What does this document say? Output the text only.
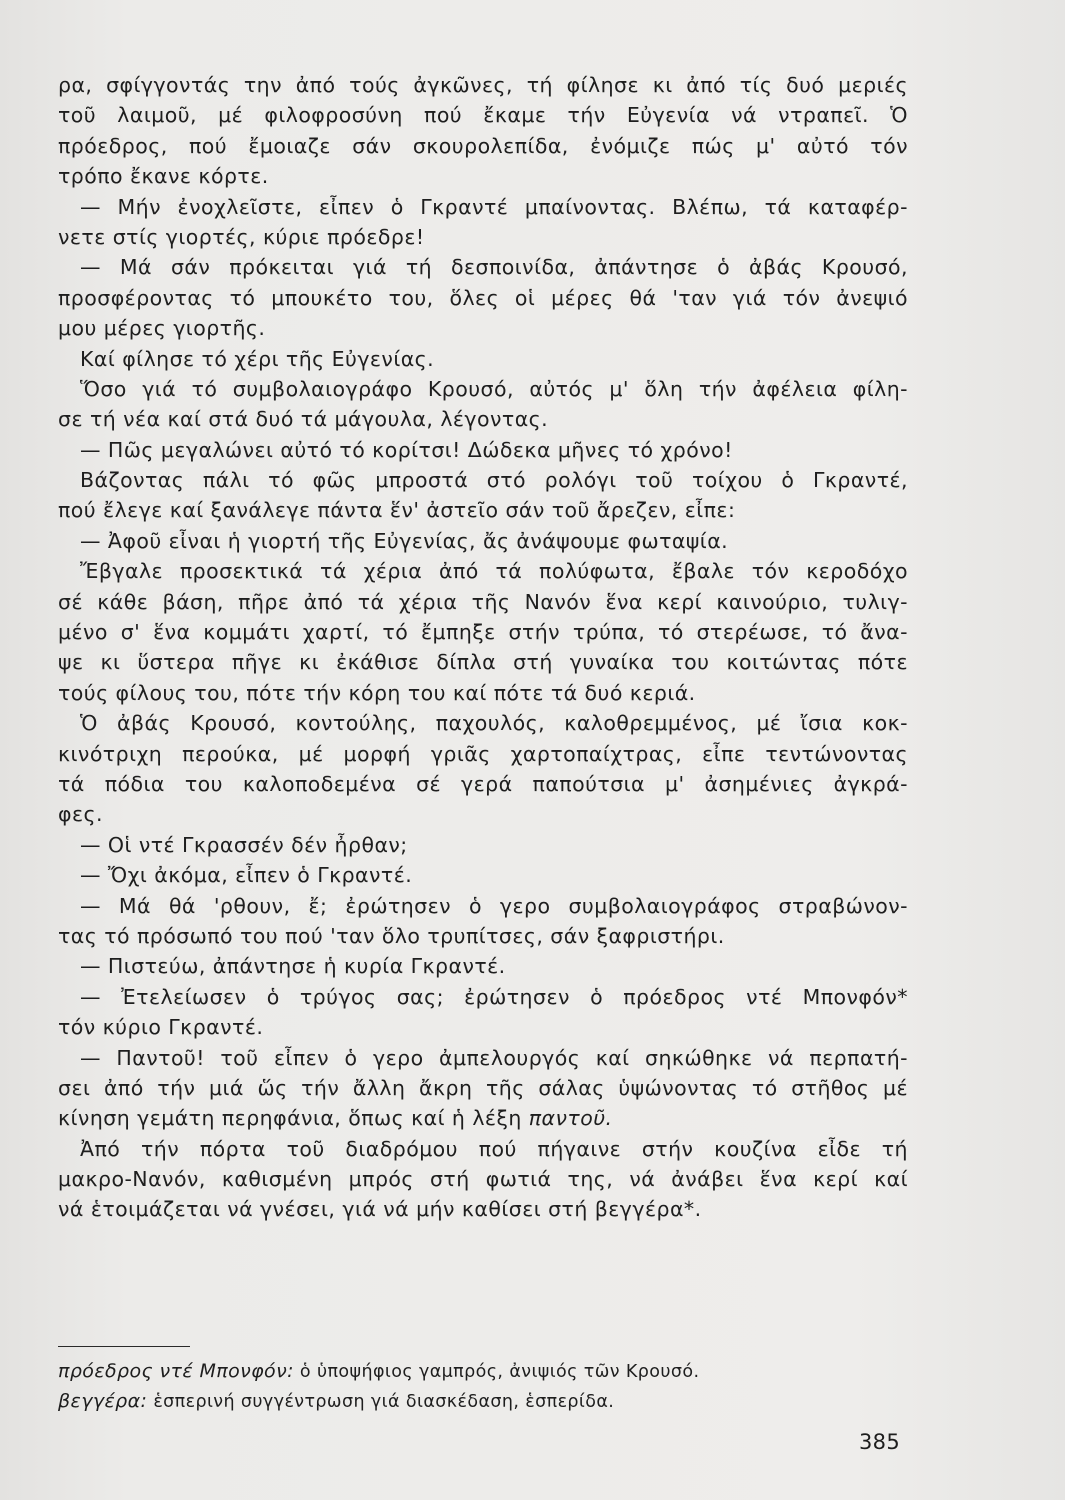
ρα, σφίγγοντάς την ἀπό τούς ἀγκῶνες, τή φίλησε κι ἀπό τίς δυό μεριές
τοῦ λαιμοῦ, μέ φιλοφροσύνη πού ἔκαμε τήν Εὐγενία νά ντραπεῖ. Ὁ
πρόεδρος, πού ἔμοιαζε σάν σκουρολεπίδα, ἐνόμιζε πώς μ' αὐτό τόν
τρόπο ἔκανε κόρτε.
— Μήν ἐνοχλεῖστε, εἶπεν ὁ Γκραντέ μπαίνοντας. Βλέπω, τά καταφέρ-
νετε στίς γιορτές, κύριε πρόεδρε!
— Μά σάν πρόκειται γιά τή δεσποινίδα, ἀπάντησε ὁ ἀβάς Κρουσό,
προσφέροντας τό μπουκέτο του, ὅλες οἱ μέρες θά 'ταν γιά τόν ἀνεψιό
μου μέρες γιορτῆς.
Καί φίλησε τό χέρι τῆς Εὐγενίας.
Ὅσο γιά τό συμβολαιογράφο Κρουσό, αὐτός μ' ὅλη τήν ἀφέλεια φίλη-
σε τή νέα καί στά δυό τά μάγουλα, λέγοντας.
— Πῶς μεγαλώνει αὐτό τό κορίτσι! Δώδεκα μῆνες τό χρόνο!
Βάζοντας πάλι τό φῶς μπροστά στό ρολόγι τοῦ τοίχου ὁ Γκραντέ,
πού ἔλεγε καί ξανάλεγε πάντα ἕν' ἀστεῖο σάν τοῦ ἄρεζεν, εἶπε:
— Ἀφοῦ εἶναι ἡ γιορτή τῆς Εὐγενίας, ἄς ἀνάψουμε φωταψία.
Ἔβγαλε προσεκτικά τά χέρια ἀπό τά πολύφωτα, ἔβαλε τόν κεροδόχο
σέ κάθε βάση, πῆρε ἀπό τά χέρια τῆς Νανόν ἕνα κερί καινούριο, τυλιγ-
μένο σ' ἕνα κομμάτι χαρτί, τό ἔμπηξε στήν τρύπα, τό στερέωσε, τό ἄνα-
ψε κι ὕστερα πῆγε κι ἐκάθισε δίπλα στή γυναίκα του κοιτώντας πότε
τούς φίλους του, πότε τήν κόρη του καί πότε τά δυό κεριά.
Ὁ ἀβάς Κρουσό, κοντούλης, παχουλός, καλοθρεμμένος, μέ ἴσια κοκ-
κινότριχη περούκα, μέ μορφή γριᾶς χαρτοπαίχτρας, εἶπε τεντώνοντας
τά πόδια του καλοποδεμένα σέ γερά παπούτσια μ' ἀσημένιες ἀγκρά-
φες.
— Οἱ ντέ Γκρασσέν δέν ἦρθαν;
— Ὄχι ἀκόμα, εἶπεν ὁ Γκραντέ.
— Μά θά 'ρθουν, ἔ; ἐρώτησεν ὁ γερο συμβολαιογράφος στραβώνον-
τας τό πρόσωπό του πού 'ταν ὅλο τρυπίτσες, σάν ξαφριστήρι.
— Πιστεύω, ἀπάντησε ἡ κυρία Γκραντέ.
— Ἐτελείωσεν ὁ τρύγος σας; ἐρώτησεν ὁ πρόεδρος ντέ Μπονφόν*
τόν κύριο Γκραντέ.
— Παντοῦ! τοῦ εἶπεν ὁ γερο ἀμπελουργός καί σηκώθηκε νά περπατή-
σει ἀπό τήν μιά ὥς τήν ἄλλη ἄκρη τῆς σάλας ὑψώνοντας τό στῆθος μέ
κίνηση γεμάτη περηφάνια, ὅπως καί ἡ λέξη παντοῦ.
Ἀπό τήν πόρτα τοῦ διαδρόμου πού πήγαινε στήν κουζίνα εἶδε τή
μακρο-Νανόν, καθισμένη μπρός στή φωτιά της, νά ἀνάβει ἕνα κερί καί
νά ἑτοιμάζεται νά γνέσει, γιά νά μήν καθίσει στή βεγγέρα*.
πρόεδρος ντέ Μπονφόν: ὁ ὑποψήφιος γαμπρός, ἀνιψιός τῶν Κρουσό.
βεγγέρα: ἑσπερινή συγγέντρωση γιά διασκέδαση, ἑσπερίδα.
385
